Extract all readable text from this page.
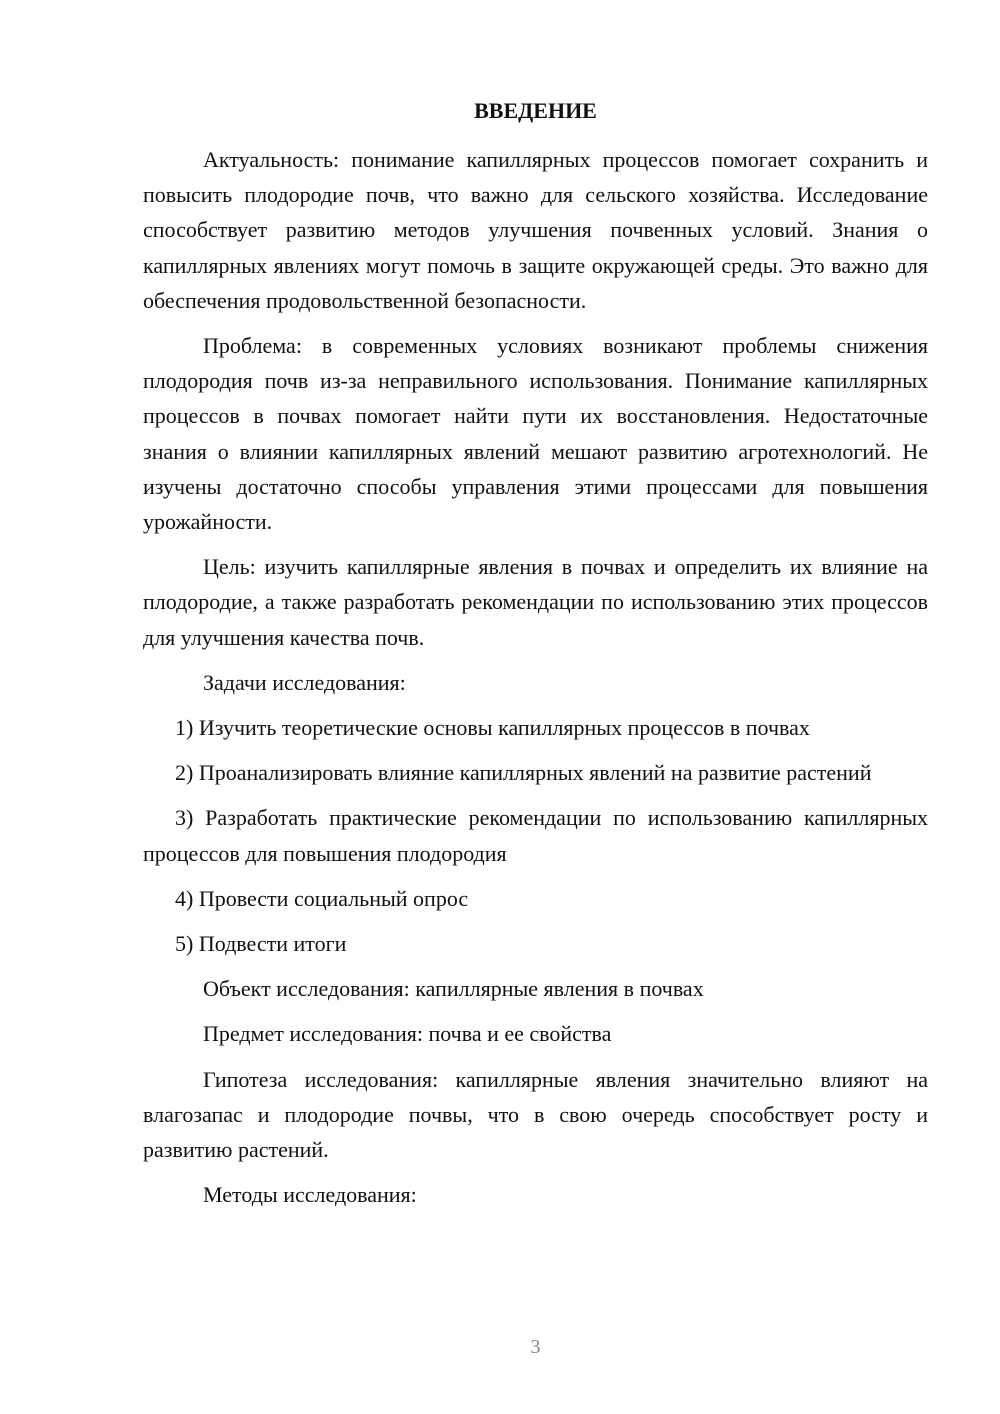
ВВЕДЕНИЕ

Актуальность: понимание капиллярных процессов помогает сохранить и повысить плодородие почв, что важно для сельского хозяйства. Исследование способствует развитию методов улучшения почвенных условий. Знания о капиллярных явлениях могут помочь в защите окружающей среды. Это важно для обеспечения продовольственной безопасности.

Проблема: в современных условиях возникают проблемы снижения плодородия почв из-за неправильного использования. Понимание капиллярных процессов в почвах помогает найти пути их восстановления. Недостаточные знания о влиянии капиллярных явлений мешают развитию агротехнологий. Не изучены достаточно способы управления этими процессами для повышения урожайности.

Цель: изучить капиллярные явления в почвах и определить их влияние на плодородие, а также разработать рекомендации по использованию этих процессов для улучшения качества почв.

Задачи исследования:

1) Изучить теоретические основы капиллярных процессов в почвах

2) Проанализировать влияние капиллярных явлений на развитие растений

3) Разработать практические рекомендации по использованию капиллярных процессов для повышения плодородия

4) Провести социальный опрос

5) Подвести итоги

Объект исследования: капиллярные явления в почвах

Предмет исследования: почва и ее свойства

Гипотеза исследования: капиллярные явления значительно влияют на влагозапас и плодородие почвы, что в свою очередь способствует росту и развитию растений.

Методы исследования:

3
